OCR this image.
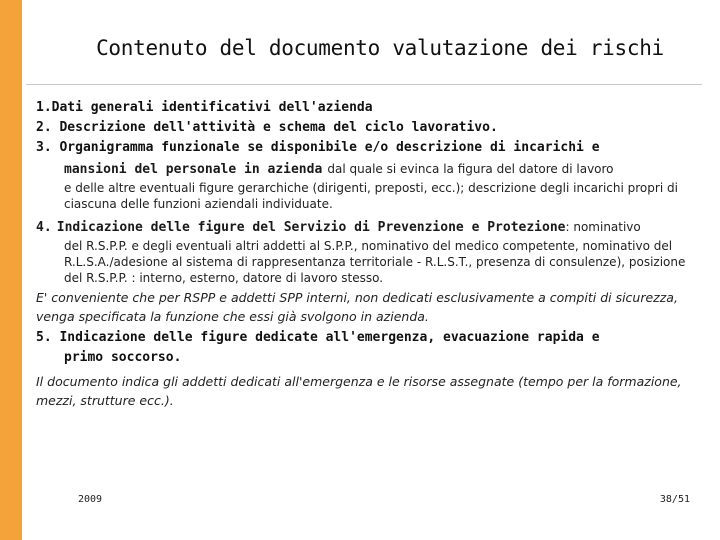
Contenuto del documento valutazione dei rischi
1.Dati generali identificativi dell'azienda
2. Descrizione dell'attività e schema del ciclo lavorativo.
3. Organigramma funzionale se disponibile e/o descrizione di incarichi e
mansioni del personale in azienda dal quale si evinca la figura del datore di lavoro
e delle altre eventuali figure gerarchiche (dirigenti, preposti, ecc.); descrizione degli incarichi propri di ciascuna delle funzioni aziendali individuate.
4. Indicazione delle figure del Servizio di Prevenzione e Protezione: nominativo
del R.S.P.P. e degli eventuali altri addetti al S.P.P., nominativo del medico competente, nominativo del R.L.S.A./adesione al sistema di rappresentanza territoriale - R.L.S.T., presenza di consulenze), posizione del R.S.P.P. : interno, esterno, datore di lavoro stesso.
E' conveniente che per RSPP e addetti SPP interni, non dedicati esclusivamente a compiti di sicurezza, venga specificata la funzione che essi già svolgono in azienda.
5. Indicazione delle figure dedicate all'emergenza, evacuazione rapida e
primo soccorso.
Il documento indica gli addetti dedicati all'emergenza e le risorse assegnate (tempo per la formazione, mezzi, strutture ecc.).
2009	38/51
